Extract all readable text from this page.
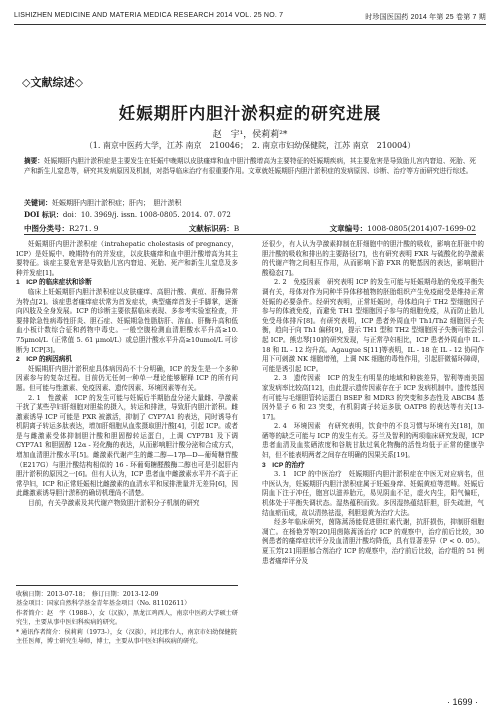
LISHIZHEN MEDICINE AND MATERIA MEDICA RESEARCH 2014 VOL. 25 NO. 7	时珍国医国药 2014 年第 25 卷第 7 期
◇文献综述◇
妊娠期肝内胆汁淤积症的研究进展
赵　宇¹，侯莉莉²*
（1. 南京中医药大学，江苏 南京　210046；　2. 南京市妇幼保健院，江苏 南京　210004）
摘要：妊娠期肝内胆汁淤积症是主要发生在妊娠中晚期以皮肤瘙痒和血中胆汁酸增高为主要特征的妊娠期疾病，其主要危害是导致胎儿宫内窘迫、死胎、死产和新生儿窒息等，研究其发病原因及机制，对指导临床治疗有很重要作用。文章就妊娠期肝内胆汁淤积症的发病原因、诊断、治疗等方面研究进行综述。
关键词：妊娠期肝内胆汁淤积症；肝内；　胆汁淤积
DOI 标识：doi：10. 3969/j. issn. 1008-0805. 2014. 07. 072
中图分类号：R271. 9	文献标识码：B	文章编号：1008-0805(2014)07-1699-02

妊娠期肝内胆汁淤积症（intrahepatic cholestasis of pregnancy，ICP）是妊娠中、晚期特有的并发症，以皮肤瘙痒和血中胆汁酸增高为其主要特征。该症主要危害是导致胎儿宫内窘迫、死胎、死产和新生儿窒息及多种并发症[1]。

1　ICP 的临床症状和诊断

临床上妊娠期肝内胆汁淤积症以皮肤瘙痒、高胆汁酸、黄疸、肝酶异常为特点[2]。该症患者瘙痒症状常为首发症状，典型瘙痒首发于手脚掌，逐渐向四肢及全身发展。ICP 的诊断主要依据临床表现、多参考实验室检查，并要排除急性病毒性肝炎、胆石症、妊娠期急性脂肪肝、溶血、肝酶升高和低血小板计数综合征和药物中毒史。一般空腹检测血清胆酸水平升高≥10. 75μmol/L（正常值 5. 61 μmol/L）或总胆汁酸水平升高≥10umol/L 可诊断为 ICP[3]。

2　ICP 的病因病机

妊娠期肝内胆汁淤积症具体病因尚不十分明确，ICP 的发生是一个多种因素参与的复杂过程。目前仍无任何一种单一理论能够解释 ICP 的所有问题。但可能与性激素、免疫因素、遗传因素、环境因素等有关。

2. 1　性激素　ICP 的发生可能与妊娠后半期胎盘分泌大量雌、孕激素干扰了某些孕妇肝细胞对胆盐的摄入，转运和排泄，导致肝内胆汁淤积。雌激素诱导 ICP 可能是 PXR 被激活，抑制了 CYP7A1 的表达，同时诱导有机阴离子转运多肽表达，增加肝细胞从血浆摄取胆汁酸[4]，引起 ICP。或者是与雌激素受体抑制胆汁酸和胆固醇转运蛋白，上调 CYP7B1 及下调 CYP7A1 和胆固醇 12α - 羟化酶的表达，从而影响胆汁酸分泌和合成方式，增加血清胆汁酸水平[5]。雌激素代谢产生的雌二醇—17β—D—葡萄糖苷酸（E217G）与胆汁酸结构相似的 16 - 环葡萄糖醛酸酶二醇也可是引起肝内胆汁淤积的原因之一[6]。但有人认为，ICP 患者血中雌激素水平并不高于正常孕妇，ICP 和正常妊娠相比雌激素的血清水平和尿排泄量并无差异[6]，因此雌激素诱导胆汁淤积的确切机理尚不清楚。

目前，有关孕激素及其代谢产物致胆汁淤积分子机制的研究

还很少，有人认为孕激素抑制在肝细胞中的胆汁酸的吸收，影响在肝脏中的胆汁酸的吸收和排出的主要路径[7]，也有研究表明 FXR 与硫酸化的孕激素的代谢产物之间相互作用，从而影响下游 FXR 的靶基因的表达，影响胆汁酸稳态[7]。

2. 2　免疫因素　研究表明 ICP 的发生可能与妊娠期母胎的免疫平衡失调有关，母体对作为同种半异体移植物的胚胎组织产生免疫耐受是维持正常妊娠的必要条件。经研究表明，正常妊娠时，母体趋向于 TH2 型细胞因子参与的体液免疫，而避免 TH1 型细胞因子参与的细胞免疫，从而防止胎儿免受母体排斥[8]。有研究表明，ICP 患者外周血中 Th1/Th2 细胞因子失衡，趋向于向 Th1 偏移[9]，提示 TH1 型和 TH2 型细胞因子失衡可能会引起 ICP。熊忠琴[10]的研究发现，与正常孕妇相比，ICP 患者外周血中 IL - 18 和 IL - 12 均升高。Agaugue S[11]等表明，IL - 18 在 IL - 12 协同作用下可刺激 NK 细胞增殖，上调 NK 细胞的毒性作用，引起肝微循环障碍，可能是诱引起 ICP。

2. 3　遗传因素　ICP 的发生有明显的地域和种族差异，智利等南美国家发病率比较高[12]，由此提示遗传因素存在于 ICP 发病机制中。遗传基因有可能与毛细胆管转运蛋白 BSEP 和 MDR3 的突变和多态性及 ABCB4 基因外显子 6 和 23 突变，有机阴离子转运多肽 OATP8 的表达等有关[13-17]。

2. 4　环境因素　有研究表明，饮食中的不良习惯与环境有关[18]，加硒等的缺乏可能与 ICP 的发生有关。芬兰及智利的两项临床研究发现，ICP 患者血清及血浆硒浓度和谷胱甘肽过氧化物酶的活性均低于正常的健康孕妇，但不能表明两者之间存在明确的因果关系[19]。

3　ICP 的治疗

3. 1　ICP 的中医治疗　妊娠期肝内胆汁淤积症在中医无对应病名，但中医认为，妊娠期肝内胆汁淤积症属于妊娠身痒、妊娠黄疸等范畴。妊娠后阴血下注于冲任，胞宫以滋养胎元，易见阴血不足，虚火内生，阳气偏旺，机体处于平衡失调状态。湿热蕴积而致。多因湿热蕴结肝胆，肝失疏泄，气结血瘀而成，故以清热祛湿，利胆退黄为治疗大法。

经多年临床研究，茵陈蒿汤能促进胆红素代谢，抗肝损伤，抑制肝细胞凋亡。在杨艳芳等[20]用茵陈蒿汤治疗 ICP 的观察中，治疗前后比较，30 例患者的瘙痒症状评分及血清胆汁酸均降低，具有显著差异（P < 0. 05）。夏玉芳[21]用胆郁合剂治疗 ICP 的观察中，治疗前后比较，治疗组的 51 例患者瘙痒评分及

收稿日期：2013-07-18；　修订日期：2013-12-09

基金项目：国家自然科学基金青年基金项目（No. 81102611）

作者简介：赵　宇（1988-），女（汉族），黑龙江鸡西人，南京中医药大学硕士研究生，主要从事中医妇科疾病的研究。

* 通讯作者简介：侯莉莉（1973-），女（汉族），河北邢台人，南京市妇幼保健院主任医师，博士研究生导师，博士，主要从事中医妇科疾病的研究。

· 1699 ·
